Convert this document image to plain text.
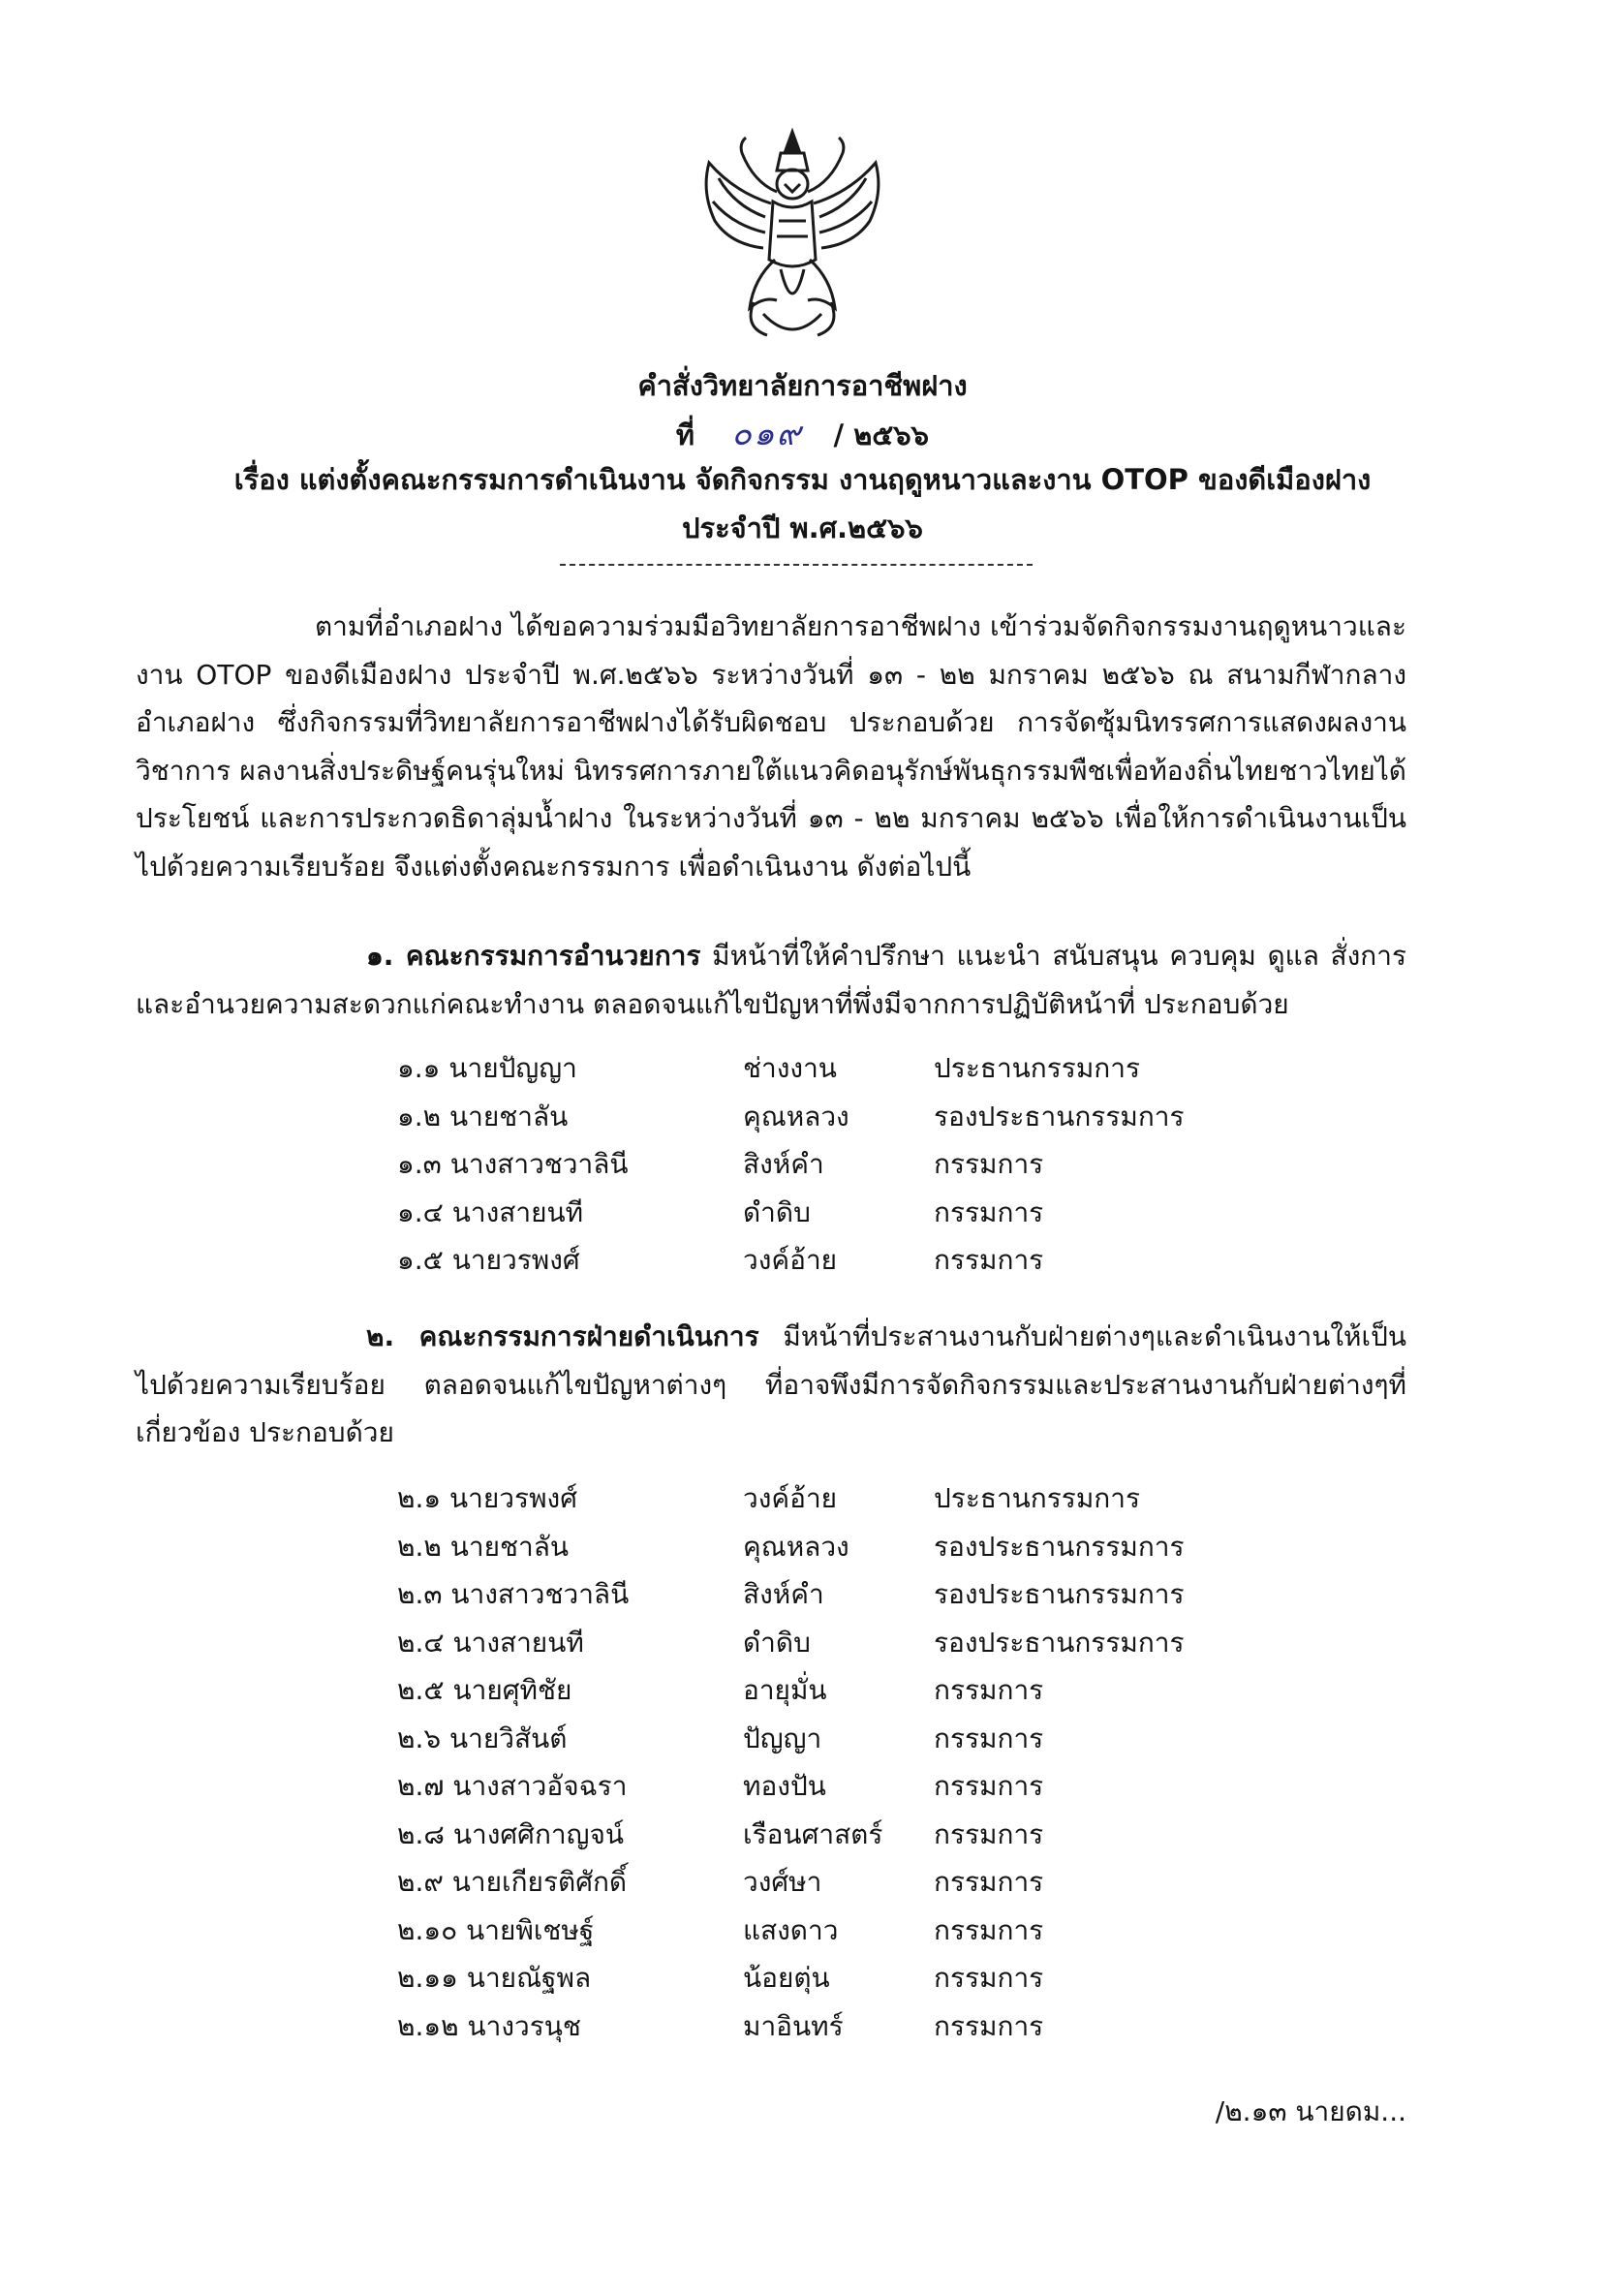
คำสั่งวิทยาลัยการอาชีพฝาง
ที่ ๐๑๙ / ๒๕๖๖
เรื่อง แต่งตั้งคณะกรรมการดำเนินงาน จัดกิจกรรม งานฤดูหนาวและงาน OTOP ของดีเมืองฝาง
ประจำปี พ.ศ.๒๕๖๖
ตามที่อำเภอฝาง ได้ขอความร่วมมือวิทยาลัยการอาชีพฝาง เข้าร่วมจัดกิจกรรมงานฤดูหนาวและงาน OTOP ของดีเมืองฝาง ประจำปี พ.ศ.๒๕๖๖ ระหว่างวันที่ ๑๓ - ๒๒ มกราคม ๒๕๖๖ ณ สนามกีฬากลางอำเภอฝาง ซึ่งกิจกรรมที่วิทยาลัยการอาชีพฝางได้รับผิดชอบ ประกอบด้วย การจัดซุ้มนิทรรศการแสดงผลงานวิชาการ ผลงานสิ่งประดิษฐ์คนรุ่นใหม่ นิทรรศการภายใต้แนวคิดอนุรักษ์พันธุกรรมพืชเพื่อท้องถิ่นไทยชาวไทยได้ประโยชน์ และการประกวดธิดาลุ่มน้ำฝาง ในระหว่างวันที่ ๑๓ - ๒๒ มกราคม ๒๕๖๖ เพื่อให้การดำเนินงานเป็นไปด้วยความเรียบร้อย จึงแต่งตั้งคณะกรรมการ เพื่อดำเนินงาน ดังต่อไปนี้
๑. คณะกรรมการอำนวยการ มีหน้าที่ให้คำปรึกษา แนะนำ สนับสนุน ควบคุม ดูแล สั่งการและอำนวยความสะดวกแก่คณะทำงาน ตลอดจนแก้ไขปัญหาที่พึ่งมีจากการปฏิบัติหน้าที่ ประกอบด้วย
๑.๑ นายปัญญา	ช่างงาน	ประธานกรรมการ
๑.๒ นายชาลัน	คุณหลวง	รองประธานกรรมการ
๑.๓ นางสาวชวาลินี	สิงห์คำ	กรรมการ
๑.๔ นางสายนที	ดำดิบ	กรรมการ
๑.๕ นายวรพงศ์	วงค์อ้าย	กรรมการ
๒. คณะกรรมการฝ่ายดำเนินการ มีหน้าที่ประสานงานกับฝ่ายต่างๆและดำเนินงานให้เป็นไปด้วยความเรียบร้อย ตลอดจนแก้ไขปัญหาต่างๆ ที่อาจพึงมีการจัดกิจกรรมและประสานงานกับฝ่ายต่างๆที่เกี่ยวข้อง ประกอบด้วย
๒.๑ นายวรพงศ์	วงค์อ้าย	ประธานกรรมการ
๒.๒ นายชาลัน	คุณหลวง	รองประธานกรรมการ
๒.๓ นางสาวชวาลินี	สิงห์คำ	รองประธานกรรมการ
๒.๔ นางสายนที	ดำดิบ	รองประธานกรรมการ
๒.๕ นายศุทิชัย	อายุมั่น	กรรมการ
๒.๖ นายวิสันต์	ปัญญา	กรรมการ
๒.๗ นางสาวอัจฉรา	ทองปัน	กรรมการ
๒.๘ นางศศิกาญจน์	เรือนศาสตร์ กรรมการ
๒.๙ นายเกียรติศักดิ์	วงศ์ษา	กรรมการ
๒.๑๐ นายพิเชษฐ์	แสงดาว	กรรมการ
๒.๑๑ นายณัฐพล	น้อยตุ่น	กรรมการ
๒.๑๒ นางวรนุช	มาอินทร์	กรรมการ
/๒.๑๓ นายดม...
